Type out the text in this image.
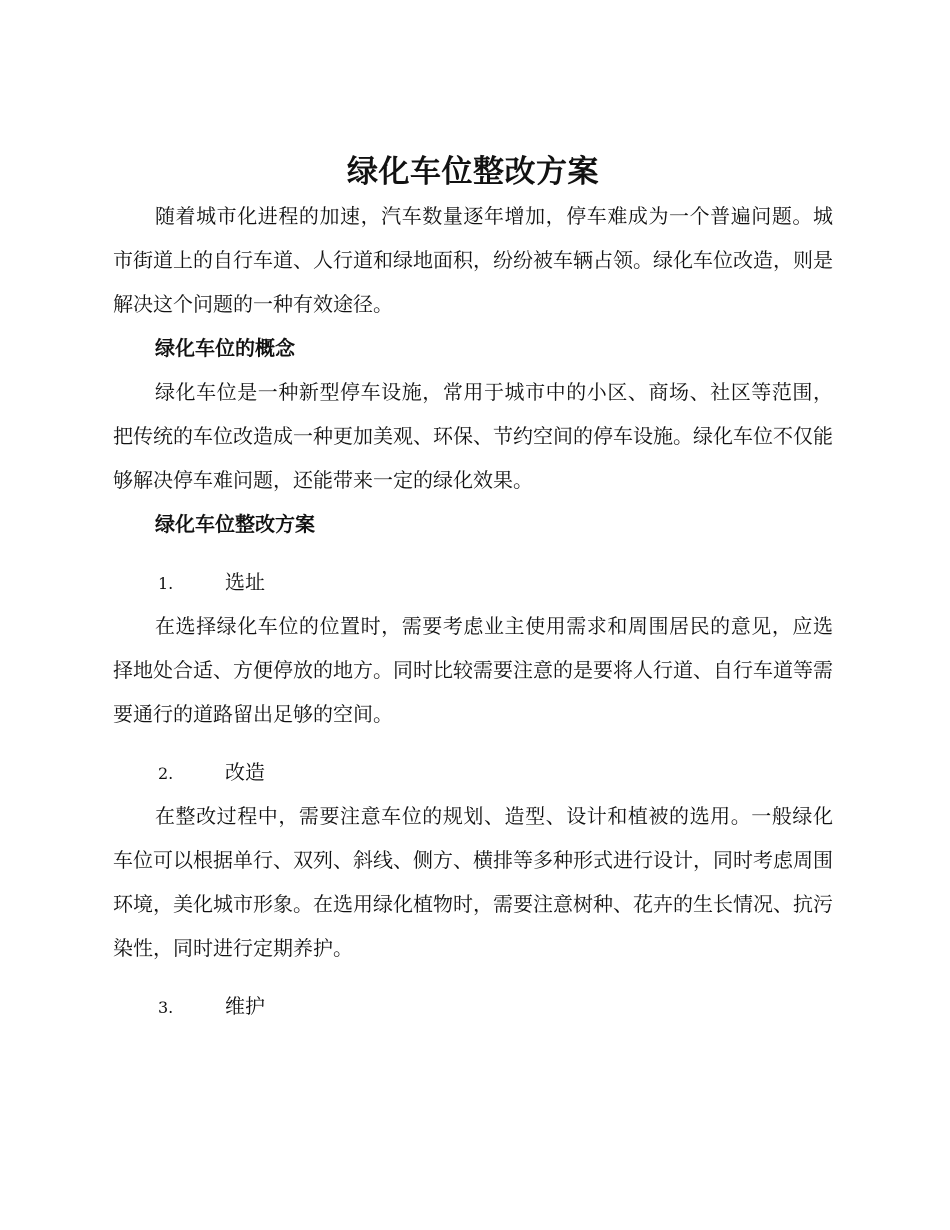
绿化车位整改方案

随着城市化进程的加速，汽车数量逐年增加，停车难成为一个普遍问题。城市街道上的自行车道、人行道和绿地面积，纷纷被车辆占领。绿化车位改造，则是解决这个问题的一种有效途径。

绿化车位的概念

绿化车位是一种新型停车设施，常用于城市中的小区、商场、社区等范围，把传统的车位改造成一种更加美观、环保、节约空间的停车设施。绿化车位不仅能够解决停车难问题，还能带来一定的绿化效果。

绿化车位整改方案
1.	选址

在选择绿化车位的位置时，需要考虑业主使用需求和周围居民的意见，应选择地处合适、方便停放的地方。同时比较需要注意的是要将人行道、自行车道等需要通行的道路留出足够的空间。

2.	改造

在整改过程中，需要注意车位的规划、造型、设计和植被的选用。一般绿化车位可以根据单行、双列、斜线、侧方、横排等多种形式进行设计，同时考虑周围环境，美化城市形象。在选用绿化植物时，需要注意树种、花卉的生长情况、抗污染性，同时进行定期养护。

3.	维护
